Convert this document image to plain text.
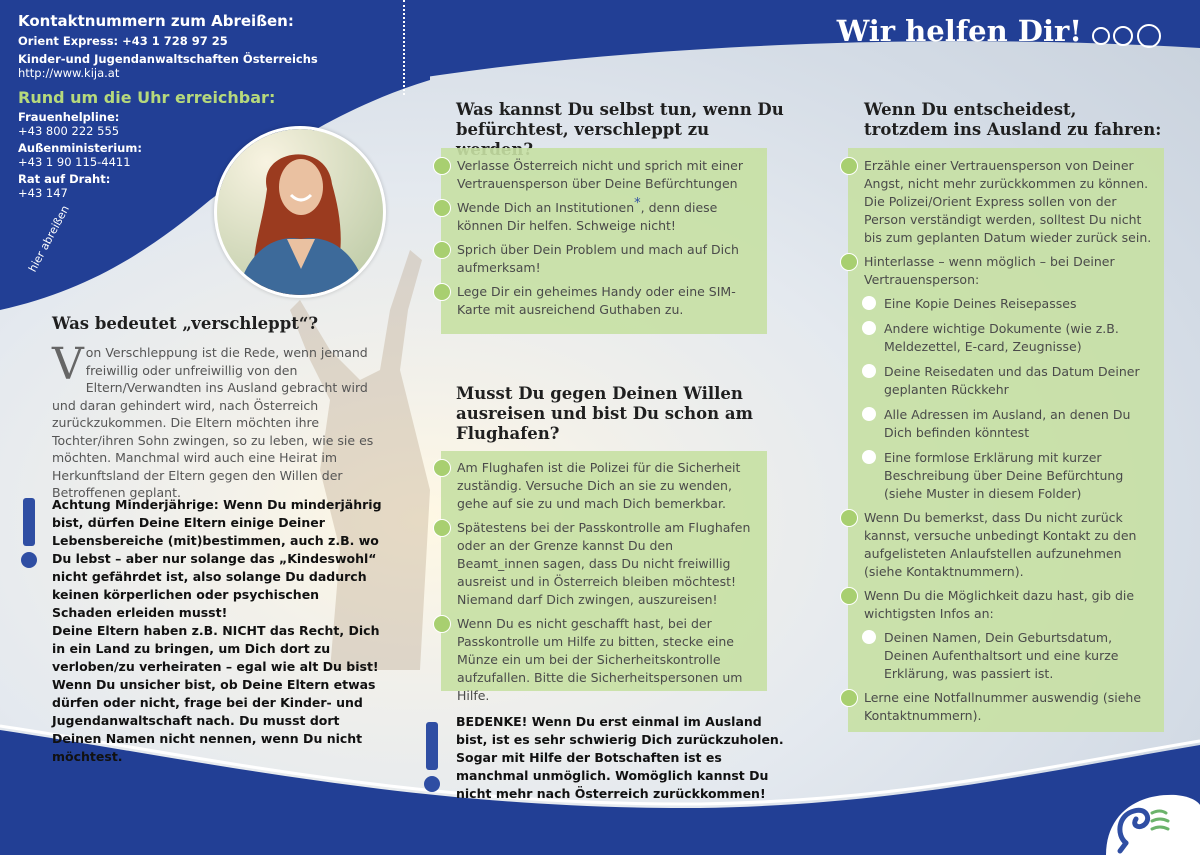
Kontaktnummern zum Abreißen:
Orient Express: +43 1 728 97 25
Kinder-und Jugendanwaltschaften Österreichs
http://www.kija.at
Rund um die Uhr erreichbar:
Frauenhelpline:
+43 800 222 555
Außenministerium:
+43 1 90 115-4411
Rat auf Draht:
+43 147
hier abreißen
Wir helfen Dir!
Was bedeutet „verschleppt“?
Von Verschleppung ist die Rede, wenn jemand freiwillig oder unfreiwillig von den Eltern/Verwandten ins Ausland gebracht wird und daran gehindert wird, nach Österreich zurückzukommen. Die Eltern möchten ihre Tochter/ihren Sohn zwingen, so zu leben, wie sie es möchten. Manchmal wird auch eine Heirat im Herkunftsland der Eltern gegen den Willen der Betroffenen geplant.
Achtung Minderjährige: Wenn Du minderjährig bist, dürfen Deine Eltern einige Deiner Lebensbereiche (mit)bestimmen, auch z.B. wo Du lebst – aber nur solange das „Kindeswohl“ nicht gefährdet ist, also solange Du dadurch keinen körperlichen oder psychischen Schaden erleiden musst!
Deine Eltern haben z.B. NICHT das Recht, Dich in ein Land zu bringen, um Dich dort zu verloben/zu verheiraten – egal wie alt Du bist!
Wenn Du unsicher bist, ob Deine Eltern etwas dürfen oder nicht, frage bei der Kinder- und Jugendanwaltschaft nach. Du musst dort Deinen Namen nicht nennen, wenn Du nicht möchtest.
Was kannst Du selbst tun, wenn Du befürchtest, verschleppt zu
Verlasse Österreich nicht und sprich mit einer Vertrauensperson über Deine Befürchtungen
Wende Dich an Institutionen*, denn diese können Dir helfen. Schweige nicht!
Sprich über Dein Problem und mach auf Dich aufmerksam!
Lege Dir ein geheimes Handy oder eine SIM-Karte mit ausreichend Guthaben zu.
Musst Du gegen Deinen Willen ausreisen und bist Du schon am Flughafen?
Am Flughafen ist die Polizei für die Sicherheit zuständig. Versuche Dich an sie zu wenden, gehe auf sie zu und mach Dich bemerkbar.
Spätestens bei der Passkontrolle am Flughafen oder an der Grenze kannst Du den Beamt_innen sagen, dass Du nicht freiwillig ausreist und in Österreich bleiben möchtest! Niemand darf Dich zwingen, auszureisen!
Wenn Du es nicht geschafft hast, bei der Passkontrolle um Hilfe zu bitten, stecke eine Münze ein um bei der Sicherheitskontrolle aufzufallen. Bitte die Sicherheitspersonen um Hilfe.
BEDENKE! Wenn Du erst einmal im Ausland bist, ist es sehr schwierig Dich zurückzuholen. Sogar mit Hilfe der Botschaften ist es manchmal unmöglich. Womöglich kannst Du nicht mehr nach Österreich zurückkommen!
Wenn Du entscheidest, trotzdem ins Ausland zu fahren:
Erzähle einer Vertrauensperson von Deiner Angst, nicht mehr zurückkommen zu können. Die Polizei/Orient Express sollen von der Person verständigt werden, solltest Du nicht bis zum geplanten Datum wieder zurück sein.
Hinterlasse – wenn möglich – bei Deiner Vertrauensperson:
Eine Kopie Deines Reisepasses
Andere wichtige Dokumente (wie z.B. Meldezettel, E-card, Zeugnisse)
Deine Reisedaten und das Datum Deiner geplanten Rückkehr
Alle Adressen im Ausland, an denen Du Dich befinden könntest
Eine formlose Erklärung mit kurzer Beschreibung über Deine Befürchtung (siehe Muster in diesem Folder)
Wenn Du bemerkst, dass Du nicht zurück kannst, versuche unbedingt Kontakt zu den aufgelisteten Anlaufstellen aufzunehmen (siehe Kontaktnummern).
Wenn Du die Möglichkeit dazu hast, gib die wichtigsten Infos an:
Deinen Namen, Dein Geburtsdatum, Deinen Aufenthaltsort und eine kurze Erklärung, was passiert ist.
Lerne eine Notfallnummer auswendig (siehe Kontaktnummern).
